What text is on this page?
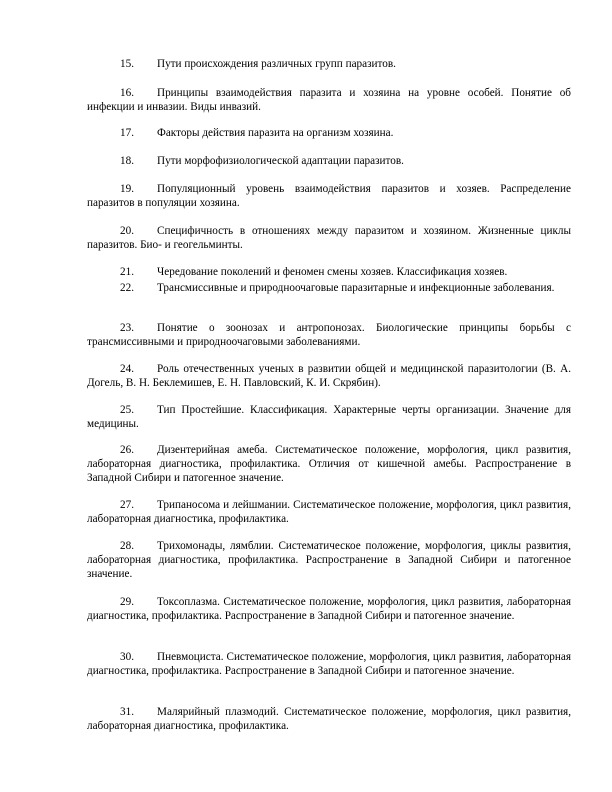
15. Пути происхождения различных групп паразитов.

16. Принципы взаимодействия паразита и хозяина на уровне особей. Понятие об инфекции и инвазии. Виды инвазий.

17. Факторы действия паразита на организм хозяина.

18. Пути морфофизиологической адаптации паразитов.

19. Популяционный уровень взаимодействия паразитов и хозяев. Распределение паразитов в популяции хозяина.

20. Специфичность в отношениях между паразитом и хозяином. Жизненные циклы паразитов. Био- и геогельминты.

21. Чередование поколений и феномен смены хозяев. Классификация хозяев.

22. Трансмиссивные и природноочаговые паразитарные и инфекционные заболевания.

23. Понятие о зоонозах и антропонозах. Биологические принципы борьбы с трансмиссивными и природноочаговыми заболеваниями.

24. Роль отечественных ученых в развитии общей и медицинской паразитологии (В. А. Догель, В. Н. Беклемишев, Е. Н. Павловский, К. И. Скрябин).

25. Тип Простейшие. Классификация. Характерные черты организации. Значение для медицины.

26. Дизентерийная амеба. Систематическое положение, морфология, цикл развития, лабораторная диагностика, профилактика. Отличия от кишечной амебы. Распространение в Западной Сибири и патогенное значение.

27. Трипаносома и лейшмании. Систематическое положение, морфология, цикл развития, лабораторная диагностика, профилактика.

28. Трихомонады, лямблии. Систематическое положение, морфология, циклы развития, лабораторная диагностика, профилактика. Распространение в Западной Сибири и патогенное значение.

29. Токсоплазма. Систематическое положение, морфология, цикл развития, лабораторная диагностика, профилактика. Распространение в Западной Сибири и патогенное значение.

30. Пневмоциста. Систематическое положение, морфология, цикл развития, лабораторная диагностика, профилактика. Распространение в Западной Сибири и патогенное значение.

31. Малярийный плазмодий. Систематическое положение, морфология, цикл развития, лабораторная диагностика, профилактика.
